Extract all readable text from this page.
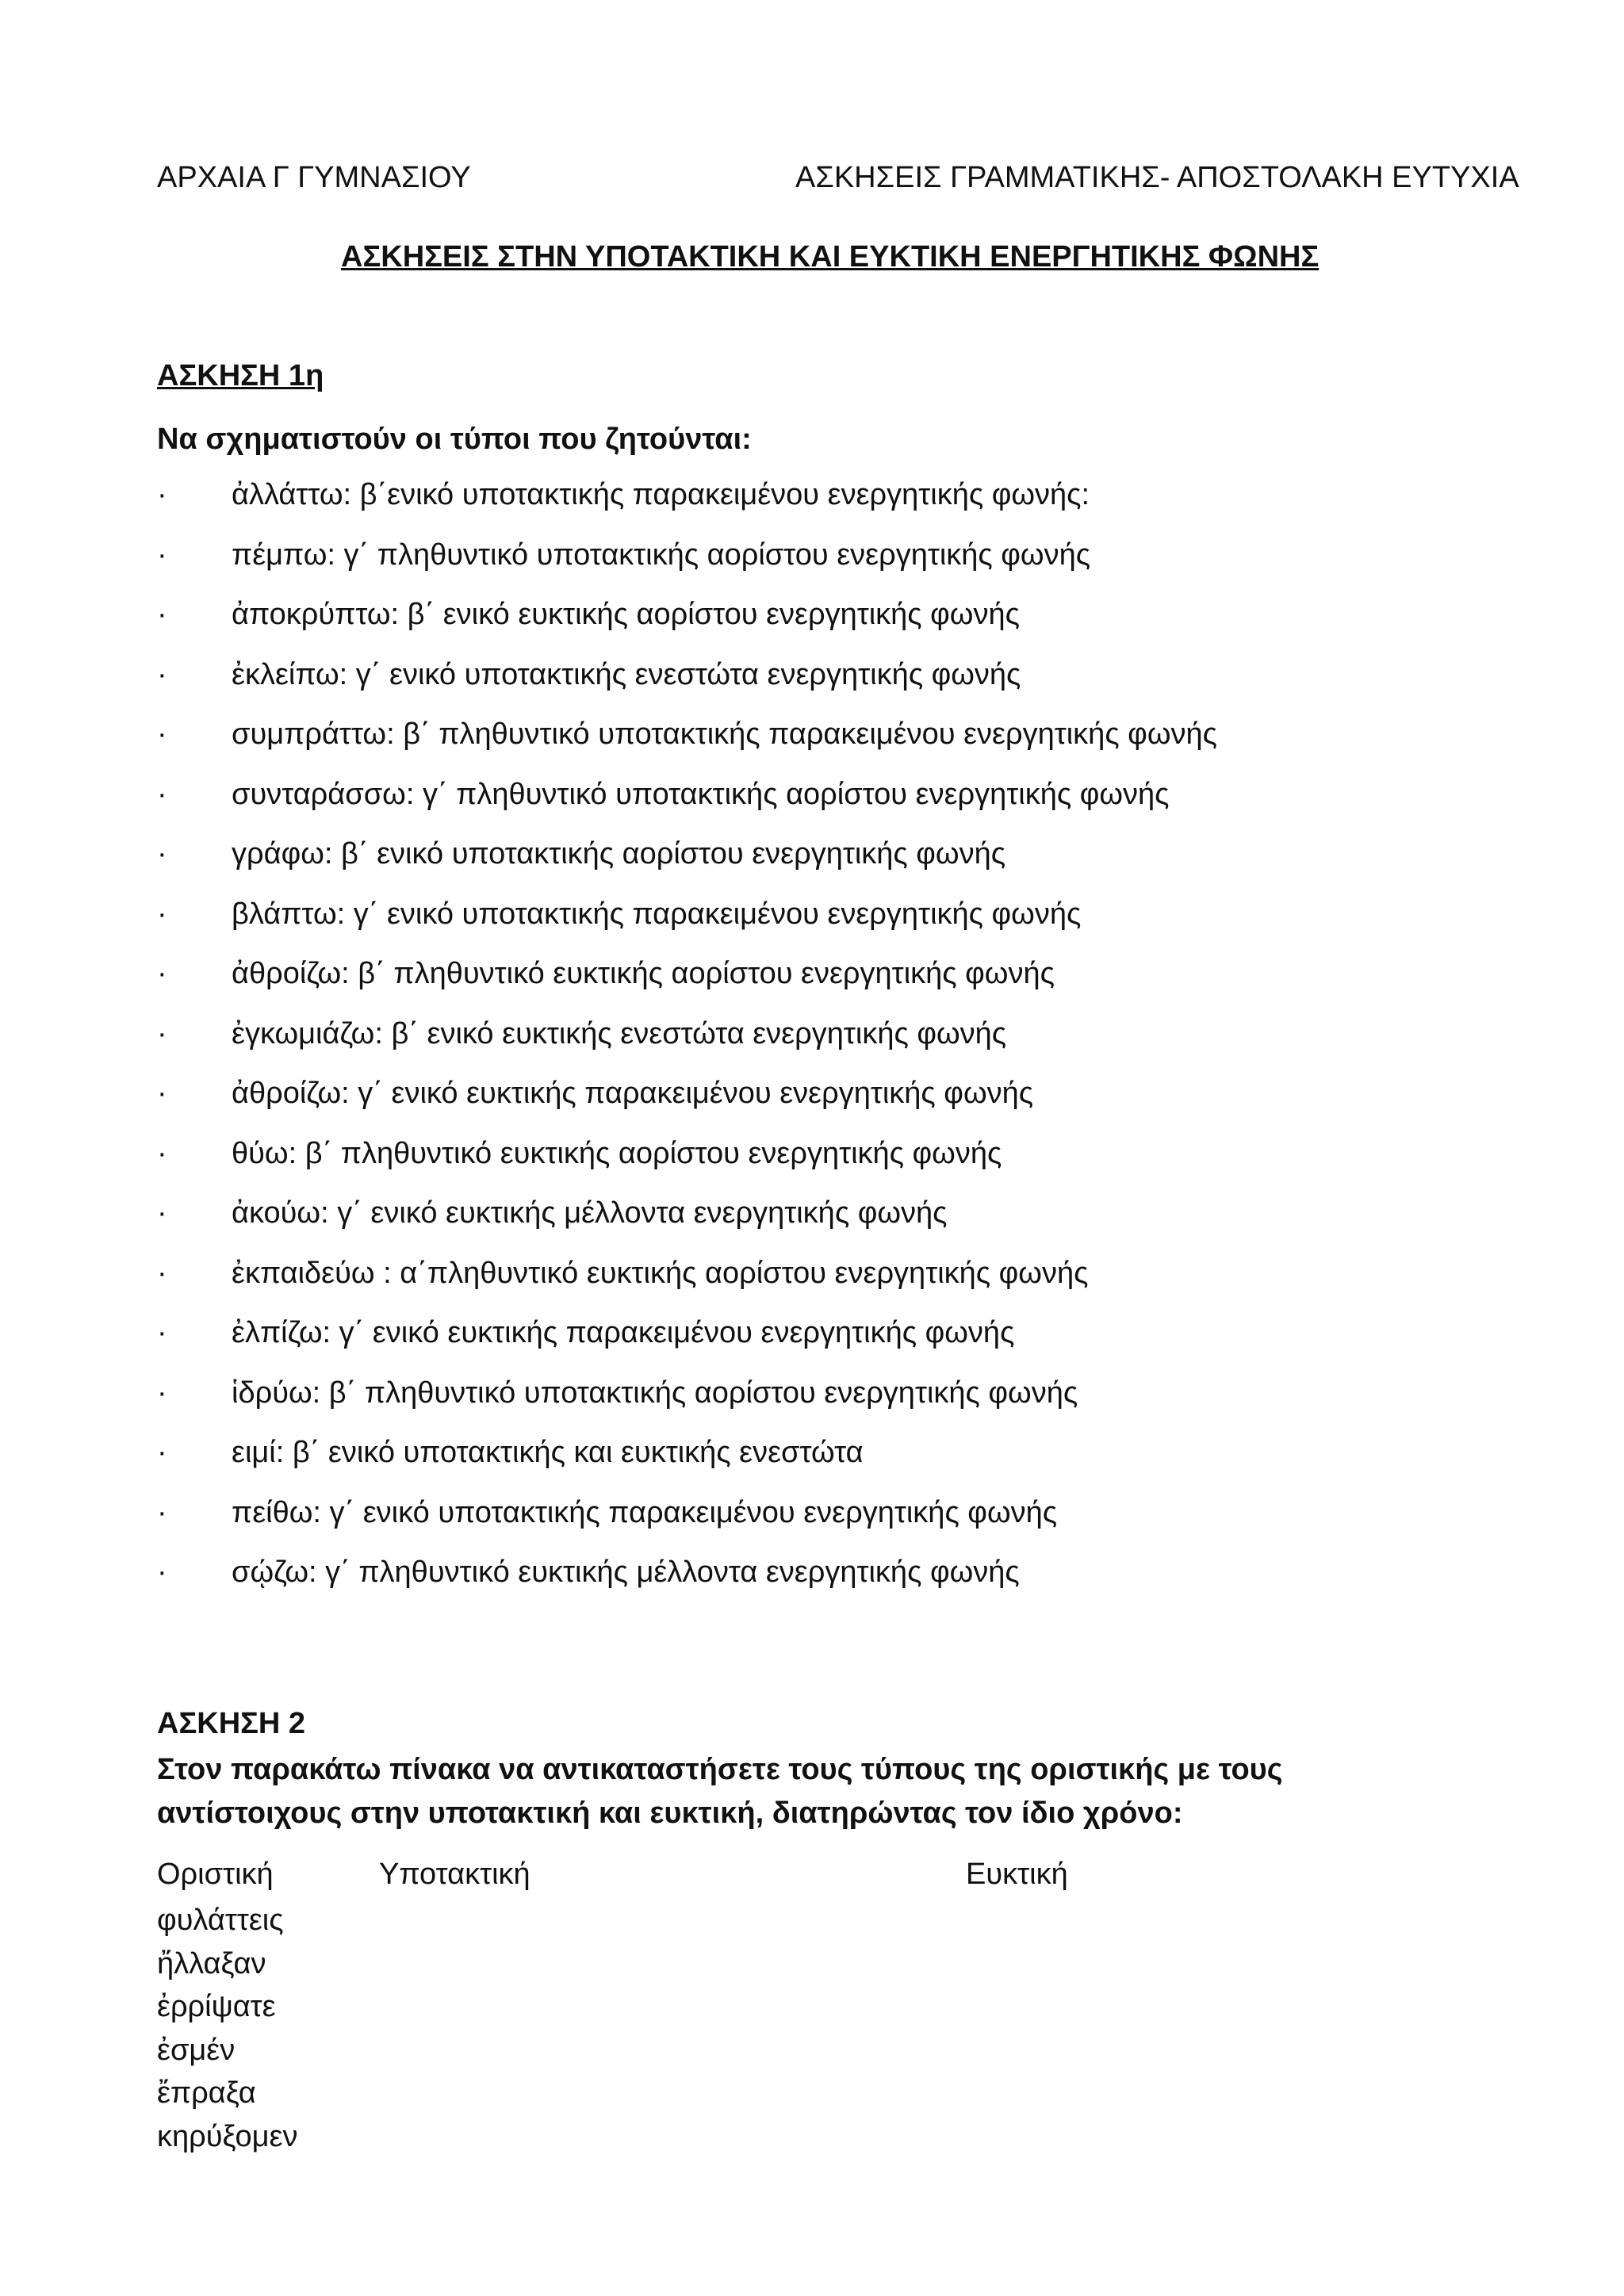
ΑΡΧΑΙΑ Γ ΓΥΜΝΑΣΙΟΥ	ΑΣΚΗΣΕΙΣ ΓΡΑΜΜΑΤΙΚΗΣ- ΑΠΟΣΤΟΛΑΚΗ ΕΥΤΥΧΙΑ
ΑΣΚΗΣΕΙΣ ΣΤΗΝ ΥΠΟΤΑΚΤΙΚΗ ΚΑΙ ΕΥΚΤΙΚΗ ΕΝΕΡΓΗΤΙΚΗΣ ΦΩΝΗΣ
ΑΣΚΗΣΗ 1η
Να σχηματιστούν οι τύποι που ζητούνται:
· ἀλλάττω: β΄ενικό υποτακτικής παρακειμένου ενεργητικής φωνής:
· πέμπω: γ΄ πληθυντικό υποτακτικής αορίστου ενεργητικής φωνής
· ἀποκρύπτω: β΄ ενικό ευκτικής αορίστου ενεργητικής φωνής
· ἐκλείπω: γ΄ ενικό υποτακτικής ενεστώτα ενεργητικής φωνής
· συμπράττω: β΄ πληθυντικό υποτακτικής παρακειμένου ενεργητικής φωνής
· συνταράσσω: γ΄ πληθυντικό υποτακτικής αορίστου ενεργητικής φωνής
· γράφω: β΄ ενικό υποτακτικής αορίστου ενεργητικής φωνής
· βλάπτω: γ΄ ενικό υποτακτικής παρακειμένου ενεργητικής φωνής
· ἀθροίζω: β΄ πληθυντικό ευκτικής αορίστου ενεργητικής φωνής
· ἐγκωμιάζω: β΄ ενικό ευκτικής ενεστώτα ενεργητικής φωνής
· ἀθροίζω: γ΄ ενικό ευκτικής παρακειμένου ενεργητικής φωνής
· θύω: β΄ πληθυντικό ευκτικής αορίστου ενεργητικής φωνής
· ἀκούω: γ΄ ενικό ευκτικής μέλλοντα ενεργητικής φωνής
· ἐκπαιδεύω : α΄πληθυντικό ευκτικής αορίστου ενεργητικής φωνής
· ἐλπίζω: γ΄ ενικό ευκτικής παρακειμένου ενεργητικής φωνής
· ἱδρύω: β΄ πληθυντικό υποτακτικής αορίστου ενεργητικής φωνής
· ειμί: β΄ ενικό υποτακτικής και ευκτικής ενεστώτα
· πείθω: γ΄ ενικό υποτακτικής παρακειμένου ενεργητικής φωνής
· σῴζω: γ΄ πληθυντικό ευκτικής μέλλοντα ενεργητικής φωνής
ΑΣΚΗΣΗ 2
Στον παρακάτω πίνακα να αντικαταστήσετε τους τύπους της οριστικής με τους αντίστοιχους στην υποτακτική και ευκτική, διατηρώντας τον ίδιο χρόνο:
Οριστική	Υποτακτική	Ευκτική
φυλάττεις
ἤλλαξαν
ἐρρίψατε
ἐσμέν
ἔπραξα
κηρύξομεν
